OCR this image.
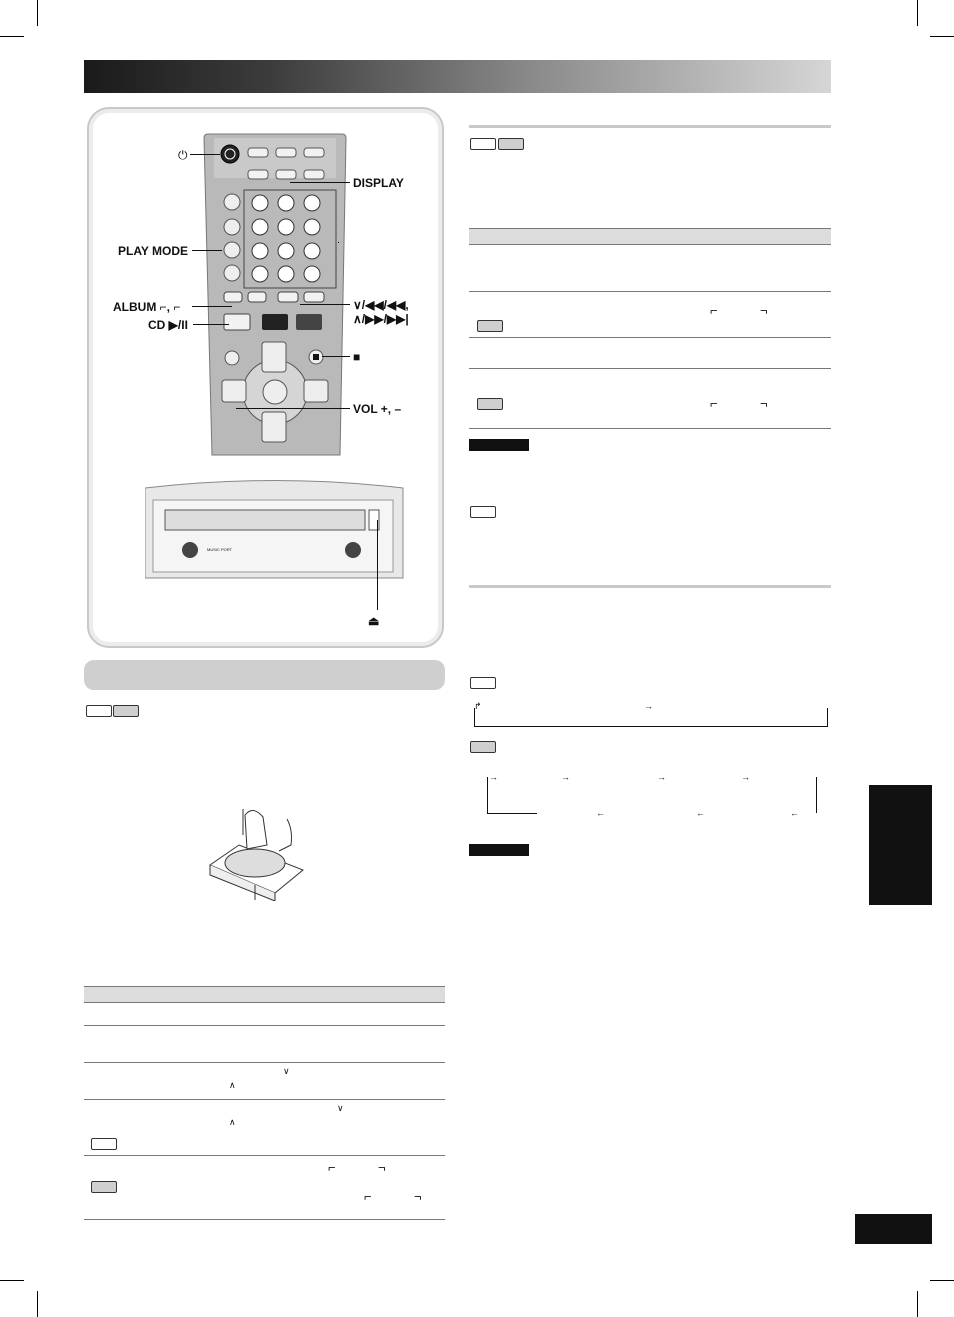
⏻
DISPLAY
PLAY MODE
ALBUM ⌐, ⌐
CD ▶/II
∨/◀◀/◀◀,
∧/▶▶/▶▶|
■
VOL +, –
MUSIC PORT
⏏
∧
∨
∧
∨
⌐	¬
⌐	¬
⌐	¬
⌐	¬
↱	→
→	→	→	→
←	←	←
